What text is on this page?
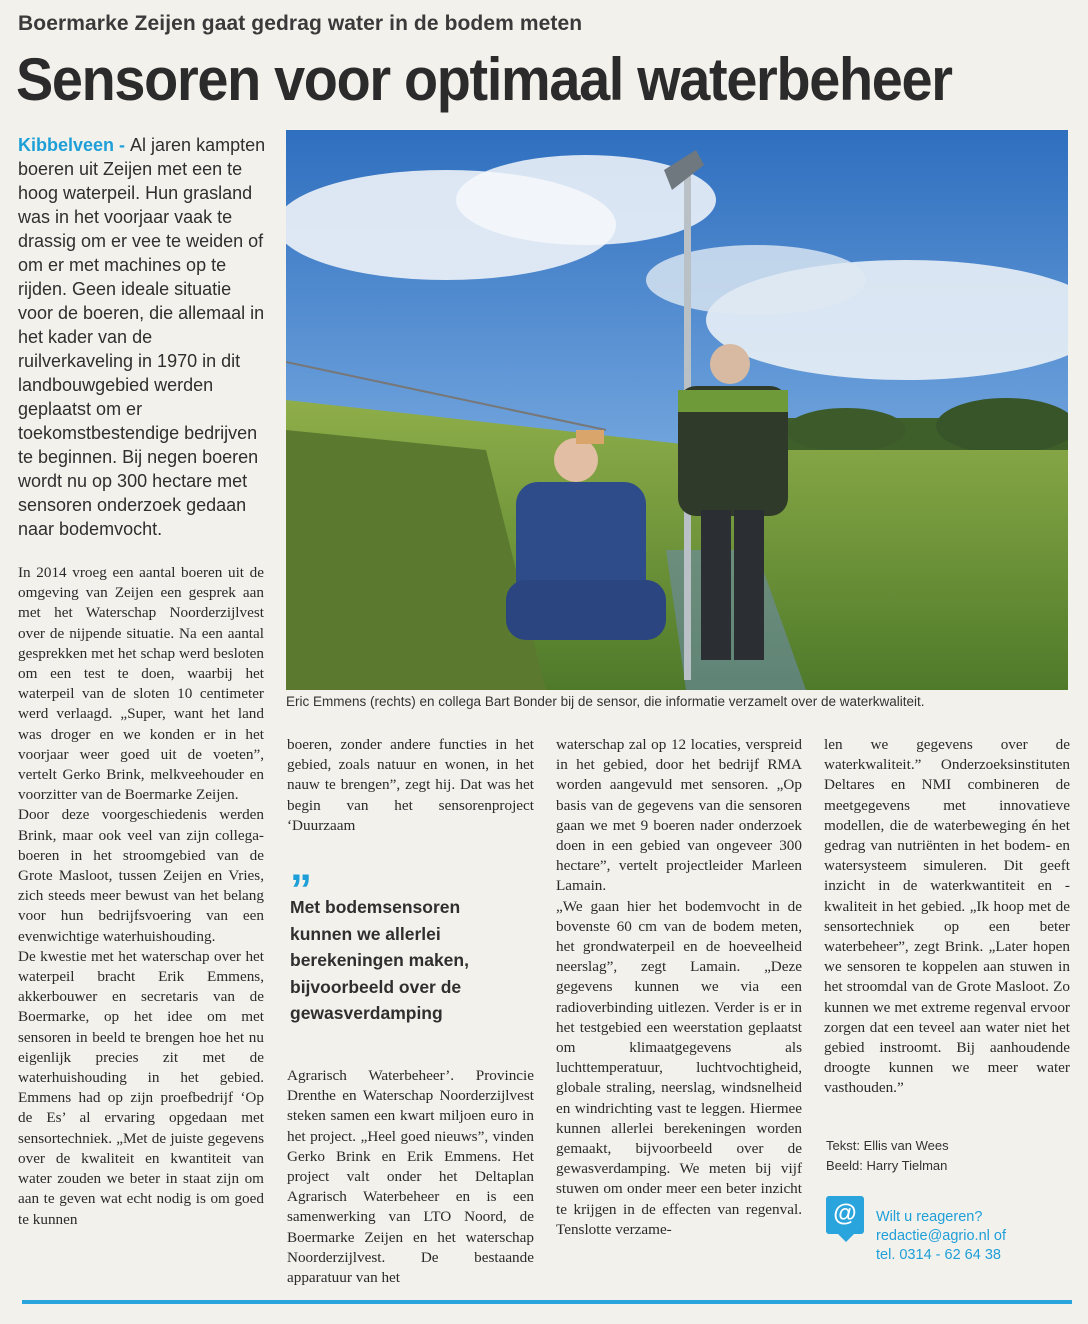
Boermarke Zeijen gaat gedrag water in de bodem meten
Sensoren voor optimaal waterbeheer
Kibbelveen - Al jaren kampten boeren uit Zeijen met een te hoog waterpeil. Hun grasland was in het voorjaar vaak te drassig om er vee te weiden of om er met machines op te rijden. Geen ideale situatie voor de boeren, die allemaal in het kader van de ruilverkaveling in 1970 in dit landbouwgebied werden geplaatst om er toekomstbestendige bedrijven te beginnen. Bij negen boeren wordt nu op 300 hectare met sensoren onderzoek gedaan naar bodemvocht.
Eric Emmens (rechts) en collega Bart Bonder bij de sensor, die informatie verzamelt over de waterkwaliteit.

In 2014 vroeg een aantal boeren uit de omgeving van Zeijen een gesprek aan met het Waterschap Noorderzijlvest over de nijpende situatie. Na een aantal gesprekken met het schap werd besloten om een test te doen, waarbij het waterpeil van de sloten 10 centimeter werd verlaagd. „Super, want het land was droger en we konden er in het voorjaar weer goed uit de voeten”, vertelt Gerko Brink, melkveehouder en voorzitter van de Boermarke Zeijen.

Door deze voorgeschiedenis werden Brink, maar ook veel van zijn collega-boeren in het stroomgebied van de Grote Masloot, tussen Zeijen en Vries, zich steeds meer bewust van het belang voor hun bedrijfsvoering van een evenwichtige waterhuishouding.

De kwestie met het waterschap over het waterpeil bracht Erik Emmens, akkerbouwer en secretaris van de Boermarke, op het idee om met sensoren in beeld te brengen hoe het nu eigenlijk precies zit met de waterhuishouding in het gebied. Emmens had op zijn proefbedrijf ‘Op de Es’ al ervaring opgedaan met sensortechniek. „Met de juiste gegevens over de kwaliteit en kwantiteit van water zouden we beter in staat zijn om aan te geven wat echt nodig is om goed te kunnen

boeren, zonder andere functies in het gebied, zoals natuur en wonen, in het nauw te brengen”, zegt hij. Dat was het begin van het sensorenproject ‘Duurzaam

„
Met bodemsensoren kunnen we allerlei berekeningen maken, bijvoorbeeld over de gewasverdamping

Agrarisch Waterbeheer’. Provincie Drenthe en Waterschap Noorderzijlvest steken samen een kwart miljoen euro in het project. „Heel goed nieuws”, vinden Gerko Brink en Erik Emmens. Het project valt onder het Deltaplan Agrarisch Waterbeheer en is een samenwerking van LTO Noord, de Boermarke Zeijen en het waterschap Noorderzijlvest. De bestaande apparatuur van het

waterschap zal op 12 locaties, verspreid in het gebied, door het bedrijf RMA worden aangevuld met sensoren. „Op basis van de gegevens van die sensoren gaan we met 9 boeren nader onderzoek doen in een gebied van ongeveer 300 hectare”, vertelt projectleider Marleen Lamain.

„We gaan hier het bodemvocht in de bovenste 60 cm van de bodem meten, het grondwaterpeil en de hoeveelheid neerslag”, zegt Lamain. „Deze gegevens kunnen we via een radioverbinding uitlezen. Verder is er in het testgebied een weerstation geplaatst om klimaatgegevens als luchttemperatuur, luchtvochtigheid, globale straling, neerslag, windsnelheid en windrichting vast te leggen. Hiermee kunnen allerlei berekeningen worden gemaakt, bijvoorbeeld over de gewasverdamping. We meten bij vijf stuwen om onder meer een beter inzicht te krijgen in de effecten van regenval. Tenslotte verzame-

len we gegevens over de waterkwaliteit.” Onderzoeksinstituten Deltares en NMI combineren de meetgegevens met innovatieve modellen, die de waterbeweging én het gedrag van nutriënten in het bodem- en watersysteem simuleren. Dit geeft inzicht in de waterkwantiteit en -kwaliteit in het gebied. „Ik hoop met de sensortechniek op een beter waterbeheer”, zegt Brink. „Later hopen we sensoren te koppelen aan stuwen in het stroomdal van de Grote Masloot. Zo kunnen we met extreme regenval ervoor zorgen dat een teveel aan water niet het gebied instroomt. Bij aanhoudende droogte kunnen we meer water vasthouden.”

Tekst: Ellis van Wees
Beeld: Harry Tielman
@	Wilt u reageren?
redactie@agrio.nl of
tel. 0314 - 62 64 38
